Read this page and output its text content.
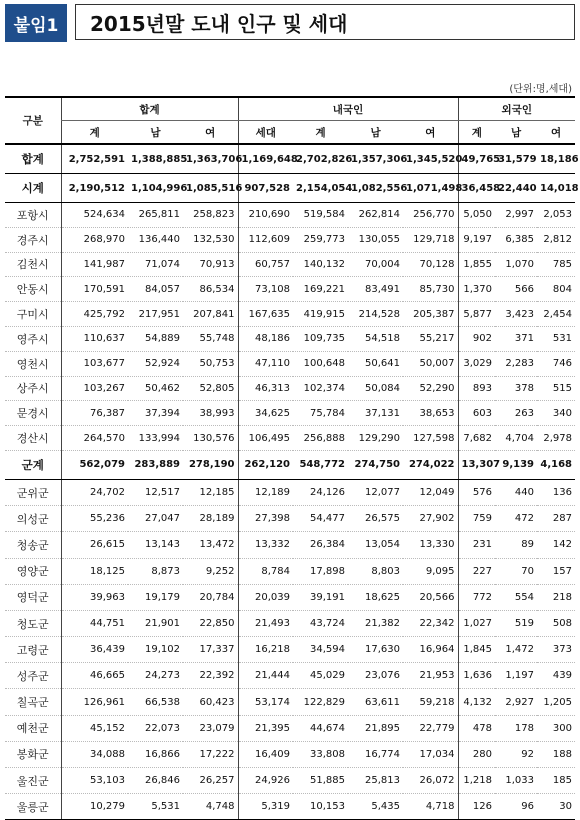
붙임1	2015년말 도내 인구 및 세대
(단위:명,세대)
구분	합계			내국인				외국인		
	계	남	여	세대	계	남	여	계	남	여
합계	2,752,591	1,388,885	1,363,706	1,169,648	2,702,826	1,357,306	1,345,520	49,765	31,579	18,186
시계	2,190,512	1,104,996	1,085,516	907,528	2,154,054	1,082,556	1,071,498	36,458	22,440	14,018
포항시	524,634	265,811	258,823	210,690	519,584	262,814	256,770	5,050	2,997	2,053
경주시	268,970	136,440	132,530	112,609	259,773	130,055	129,718	9,197	6,385	2,812
김천시	141,987	71,074	70,913	60,757	140,132	70,004	70,128	1,855	1,070	785
안동시	170,591	84,057	86,534	73,108	169,221	83,491	85,730	1,370	566	804
구미시	425,792	217,951	207,841	167,635	419,915	214,528	205,387	5,877	3,423	2,454
영주시	110,637	54,889	55,748	48,186	109,735	54,518	55,217	902	371	531
영천시	103,677	52,924	50,753	47,110	100,648	50,641	50,007	3,029	2,283	746
상주시	103,267	50,462	52,805	46,313	102,374	50,084	52,290	893	378	515
문경시	76,387	37,394	38,993	34,625	75,784	37,131	38,653	603	263	340
경산시	264,570	133,994	130,576	106,495	256,888	129,290	127,598	7,682	4,704	2,978
군계	562,079	283,889	278,190	262,120	548,772	274,750	274,022	13,307	9,139	4,168
군위군	24,702	12,517	12,185	12,189	24,126	12,077	12,049	576	440	136
의성군	55,236	27,047	28,189	27,398	54,477	26,575	27,902	759	472	287
청송군	26,615	13,143	13,472	13,332	26,384	13,054	13,330	231	89	142
영양군	18,125	8,873	9,252	8,784	17,898	8,803	9,095	227	70	157
영덕군	39,963	19,179	20,784	20,039	39,191	18,625	20,566	772	554	218
청도군	44,751	21,901	22,850	21,493	43,724	21,382	22,342	1,027	519	508
고령군	36,439	19,102	17,337	16,218	34,594	17,630	16,964	1,845	1,472	373
성주군	46,665	24,273	22,392	21,444	45,029	23,076	21,953	1,636	1,197	439
칠곡군	126,961	66,538	60,423	53,174	122,829	63,611	59,218	4,132	2,927	1,205
예천군	45,152	22,073	23,079	21,395	44,674	21,895	22,779	478	178	300
봉화군	34,088	16,866	17,222	16,409	33,808	16,774	17,034	280	92	188
울진군	53,103	26,846	26,257	24,926	51,885	25,813	26,072	1,218	1,033	185
울릉군	10,279	5,531	4,748	5,319	10,153	5,435	4,718	126	96	30
